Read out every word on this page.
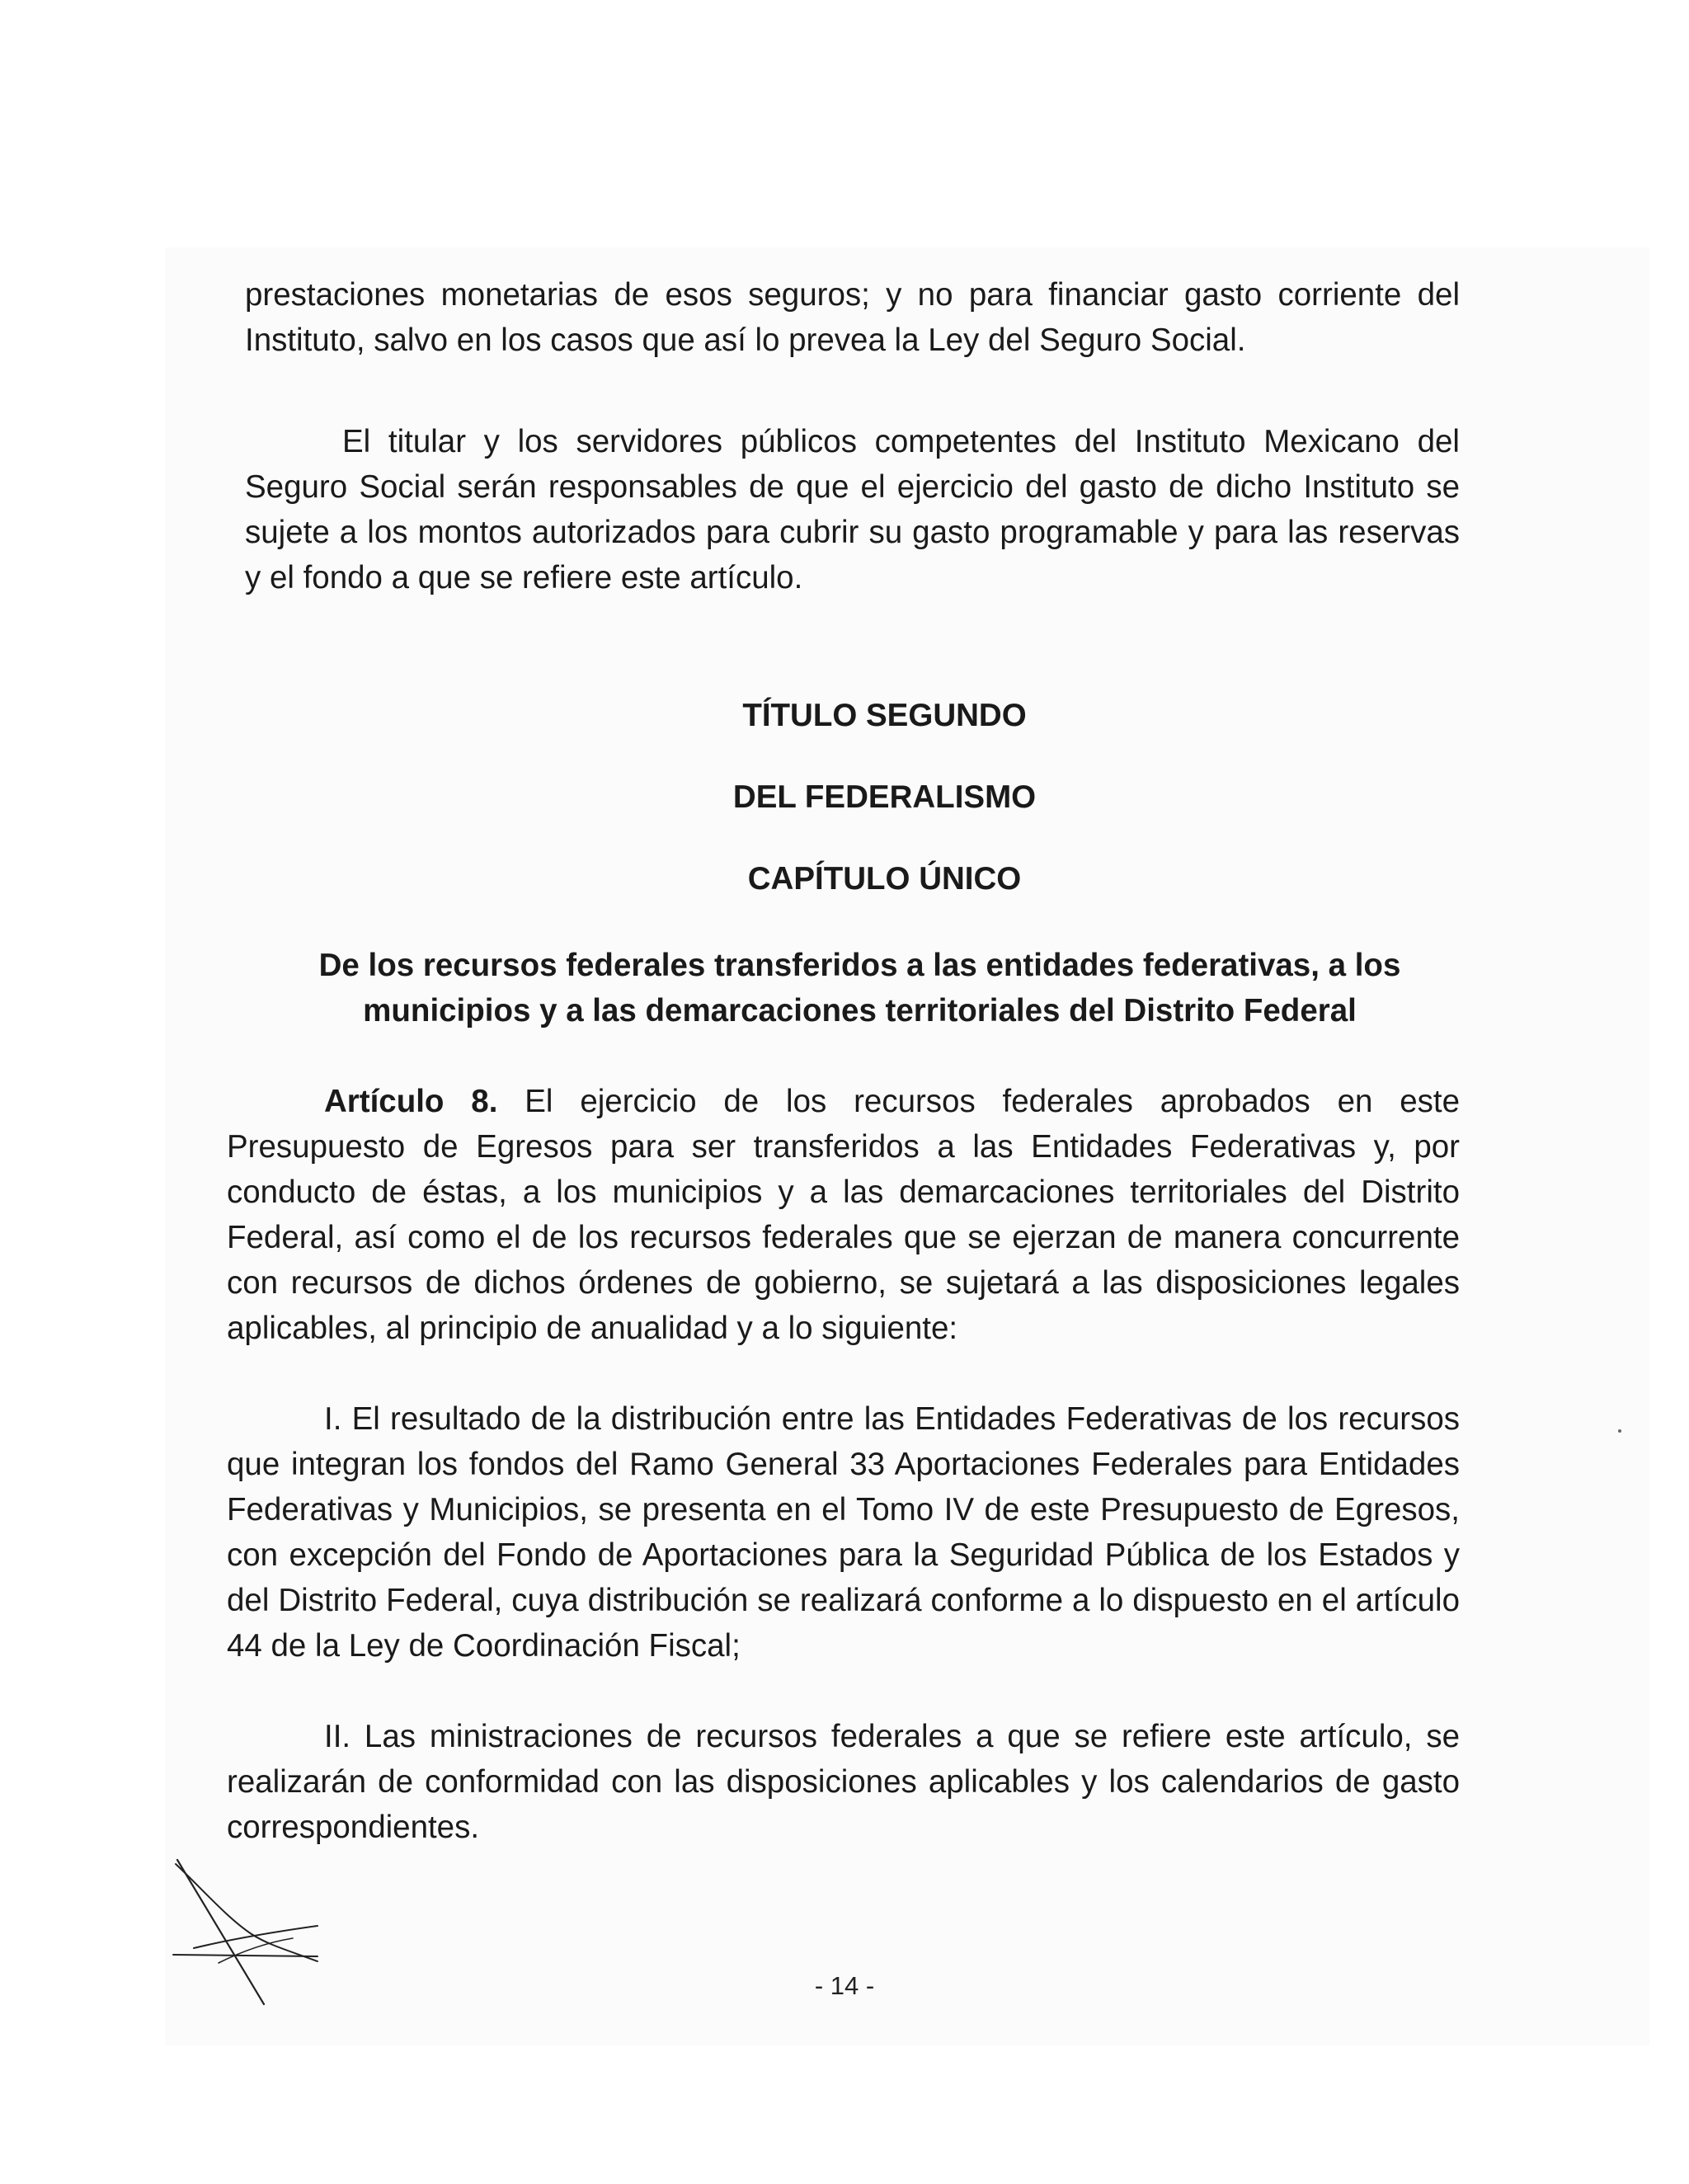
prestaciones monetarias de esos seguros; y no para financiar gasto corriente del Instituto, salvo en los casos que así lo prevea la Ley del Seguro Social.

El titular y los servidores públicos competentes del Instituto Mexicano del Seguro Social serán responsables de que el ejercicio del gasto de dicho Instituto se sujete a los montos autorizados para cubrir su gasto programable y para las reservas y el fondo a que se refiere este artículo.

TÍTULO SEGUNDO

DEL FEDERALISMO

CAPÍTULO ÚNICO

De los recursos federales transferidos a las entidades federativas, a los municipios y a las demarcaciones territoriales del Distrito Federal

Artículo 8. El ejercicio de los recursos federales aprobados en este Presupuesto de Egresos para ser transferidos a las Entidades Federativas y, por conducto de éstas, a los municipios y a las demarcaciones territoriales del Distrito Federal, así como el de los recursos federales que se ejerzan de manera concurrente con recursos de dichos órdenes de gobierno, se sujetará a las disposiciones legales aplicables, al principio de anualidad y a lo siguiente:

I. El resultado de la distribución entre las Entidades Federativas de los recursos que integran los fondos del Ramo General 33 Aportaciones Federales para Entidades Federativas y Municipios, se presenta en el Tomo IV de este Presupuesto de Egresos, con excepción del Fondo de Aportaciones para la Seguridad Pública de los Estados y del Distrito Federal, cuya distribución se realizará conforme a lo dispuesto en el artículo 44 de la Ley de Coordinación Fiscal;

II. Las ministraciones de recursos federales a que se refiere este artículo, se realizarán de conformidad con las disposiciones aplicables y los calendarios de gasto correspondientes.

- 14 -
